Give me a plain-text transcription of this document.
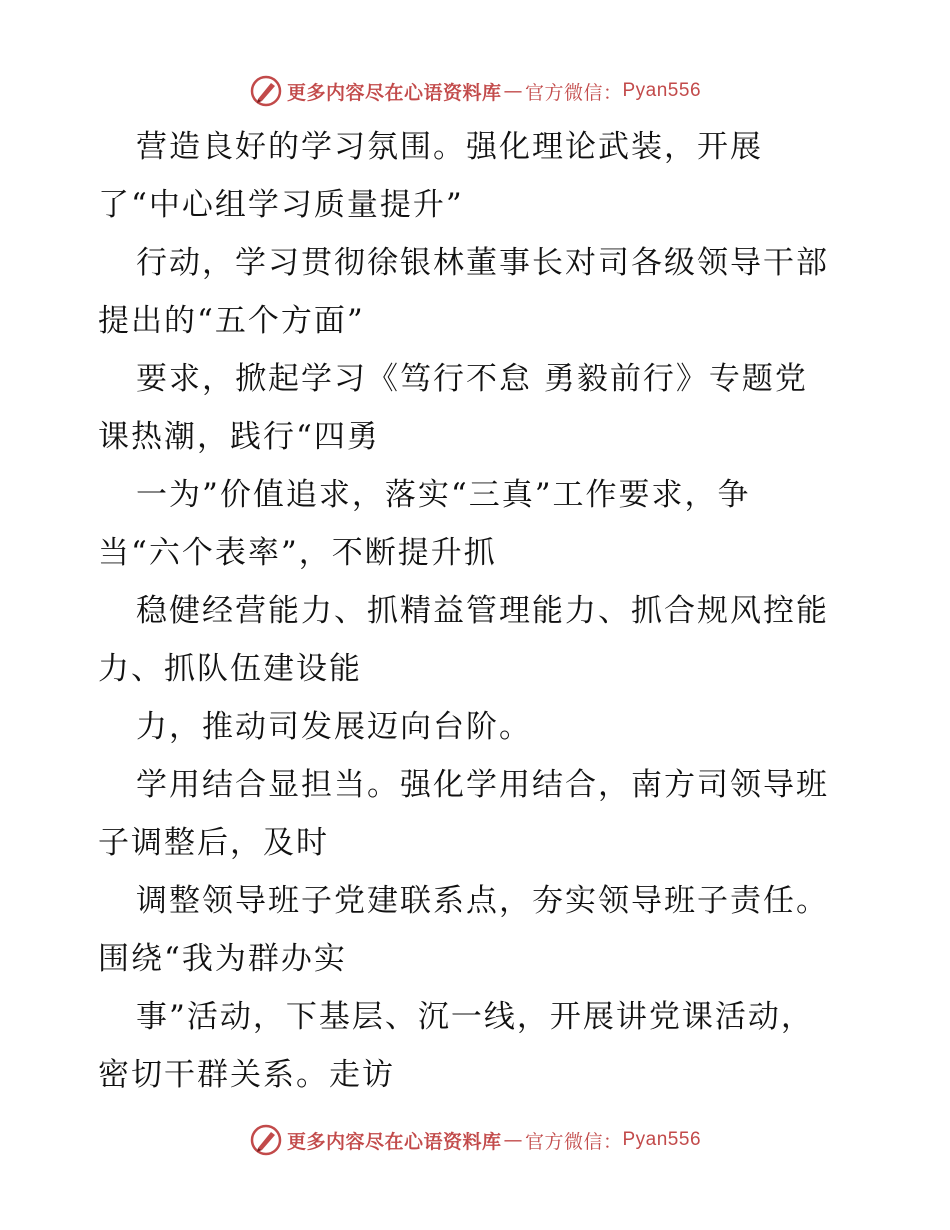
更多内容尽在心语资料库 — 官方微信： Pyan556
营造良好的学习氛围。强化理论武装，开展
了“中心组学习质量提升”
行动，学习贯彻徐银林董事长对司各级领导干部
提出的“五个方面”
要求，掀起学习《笃行不怠 勇毅前行》专题党
课热潮，践行“四勇
一为”价值追求，落实“三真”工作要求，争
当“六个表率”，不断提升抓
稳健经营能力、抓精益管理能力、抓合规风控能
力、抓队伍建设能
力，推动司发展迈向台阶。
学用结合显担当。强化学用结合，南方司领导班
子调整后，及时
调整领导班子党建联系点，夯实领导班子责任。
围绕“我为群办实
事”活动，下基层、沉一线，开展讲党课活动，
密切干群关系。走访
更多内容尽在心语资料库 — 官方微信： Pyan556
